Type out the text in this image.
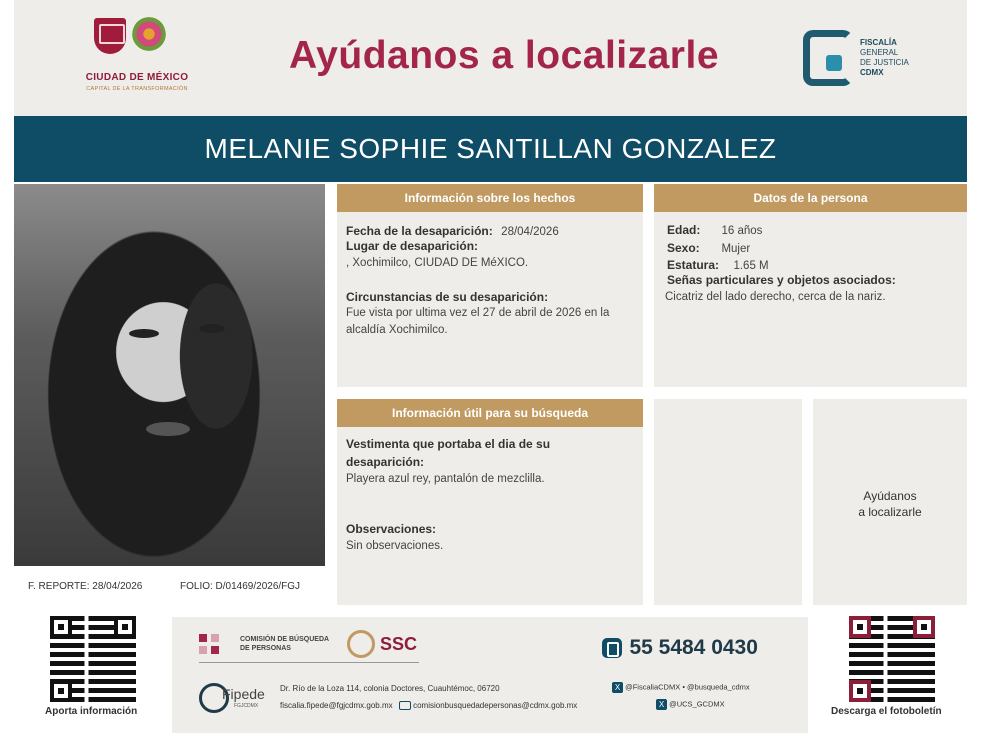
CIUDAD DE MÉXICO
CAPITAL DE LA TRANSFORMACIÓN
Ayúdanos a localizarle	FISCALÍA
GENERAL
DE JUSTICIA
CDMX
MELANIE SOPHIE SANTILLAN GONZALEZ
F. REPORTE: 28/04/2026	FOLIO: D/01469/2026/FGJ
Información sobre los hechos
Fecha de la desaparición: 28/04/2026
Lugar de desaparición:
, Xochimilco, CIUDAD DE MéXICO.
Circunstancias de su desaparición:
Fue vista por ultima vez el 27 de abril de 2026 en la
alcaldía Xochimilco.
Datos de la persona
Edad: 16 años
Sexo: Mujer
Estatura: 1.65 M
Señas particulares y objetos asociados:
Cicatriz del lado derecho, cerca de la nariz.
Información útil para su búsqueda
Vestimenta que portaba el dia de su
desaparición:
Playera azul rey, pantalón de mezclilla.
Observaciones:
Sin observaciones.
Ayúdanos
a localizarle
Aporta información
COMISIÓN DE BÚSQUEDA
DE PERSONAS	SSC	55 5484 0430
Fipede
FGJCDMX
Dr. Río de la Loza 114, colonia Doctores, Cuauhtémoc, 06720
fiscalia.fipede@fgjcdmx.gob.mx	comisionbusquedadepersonas@cdmx.gob.mx
X @FiscaliaCDMX • @busqueda_cdmx
X @UCS_GCDMX
Descarga el fotoboletín
